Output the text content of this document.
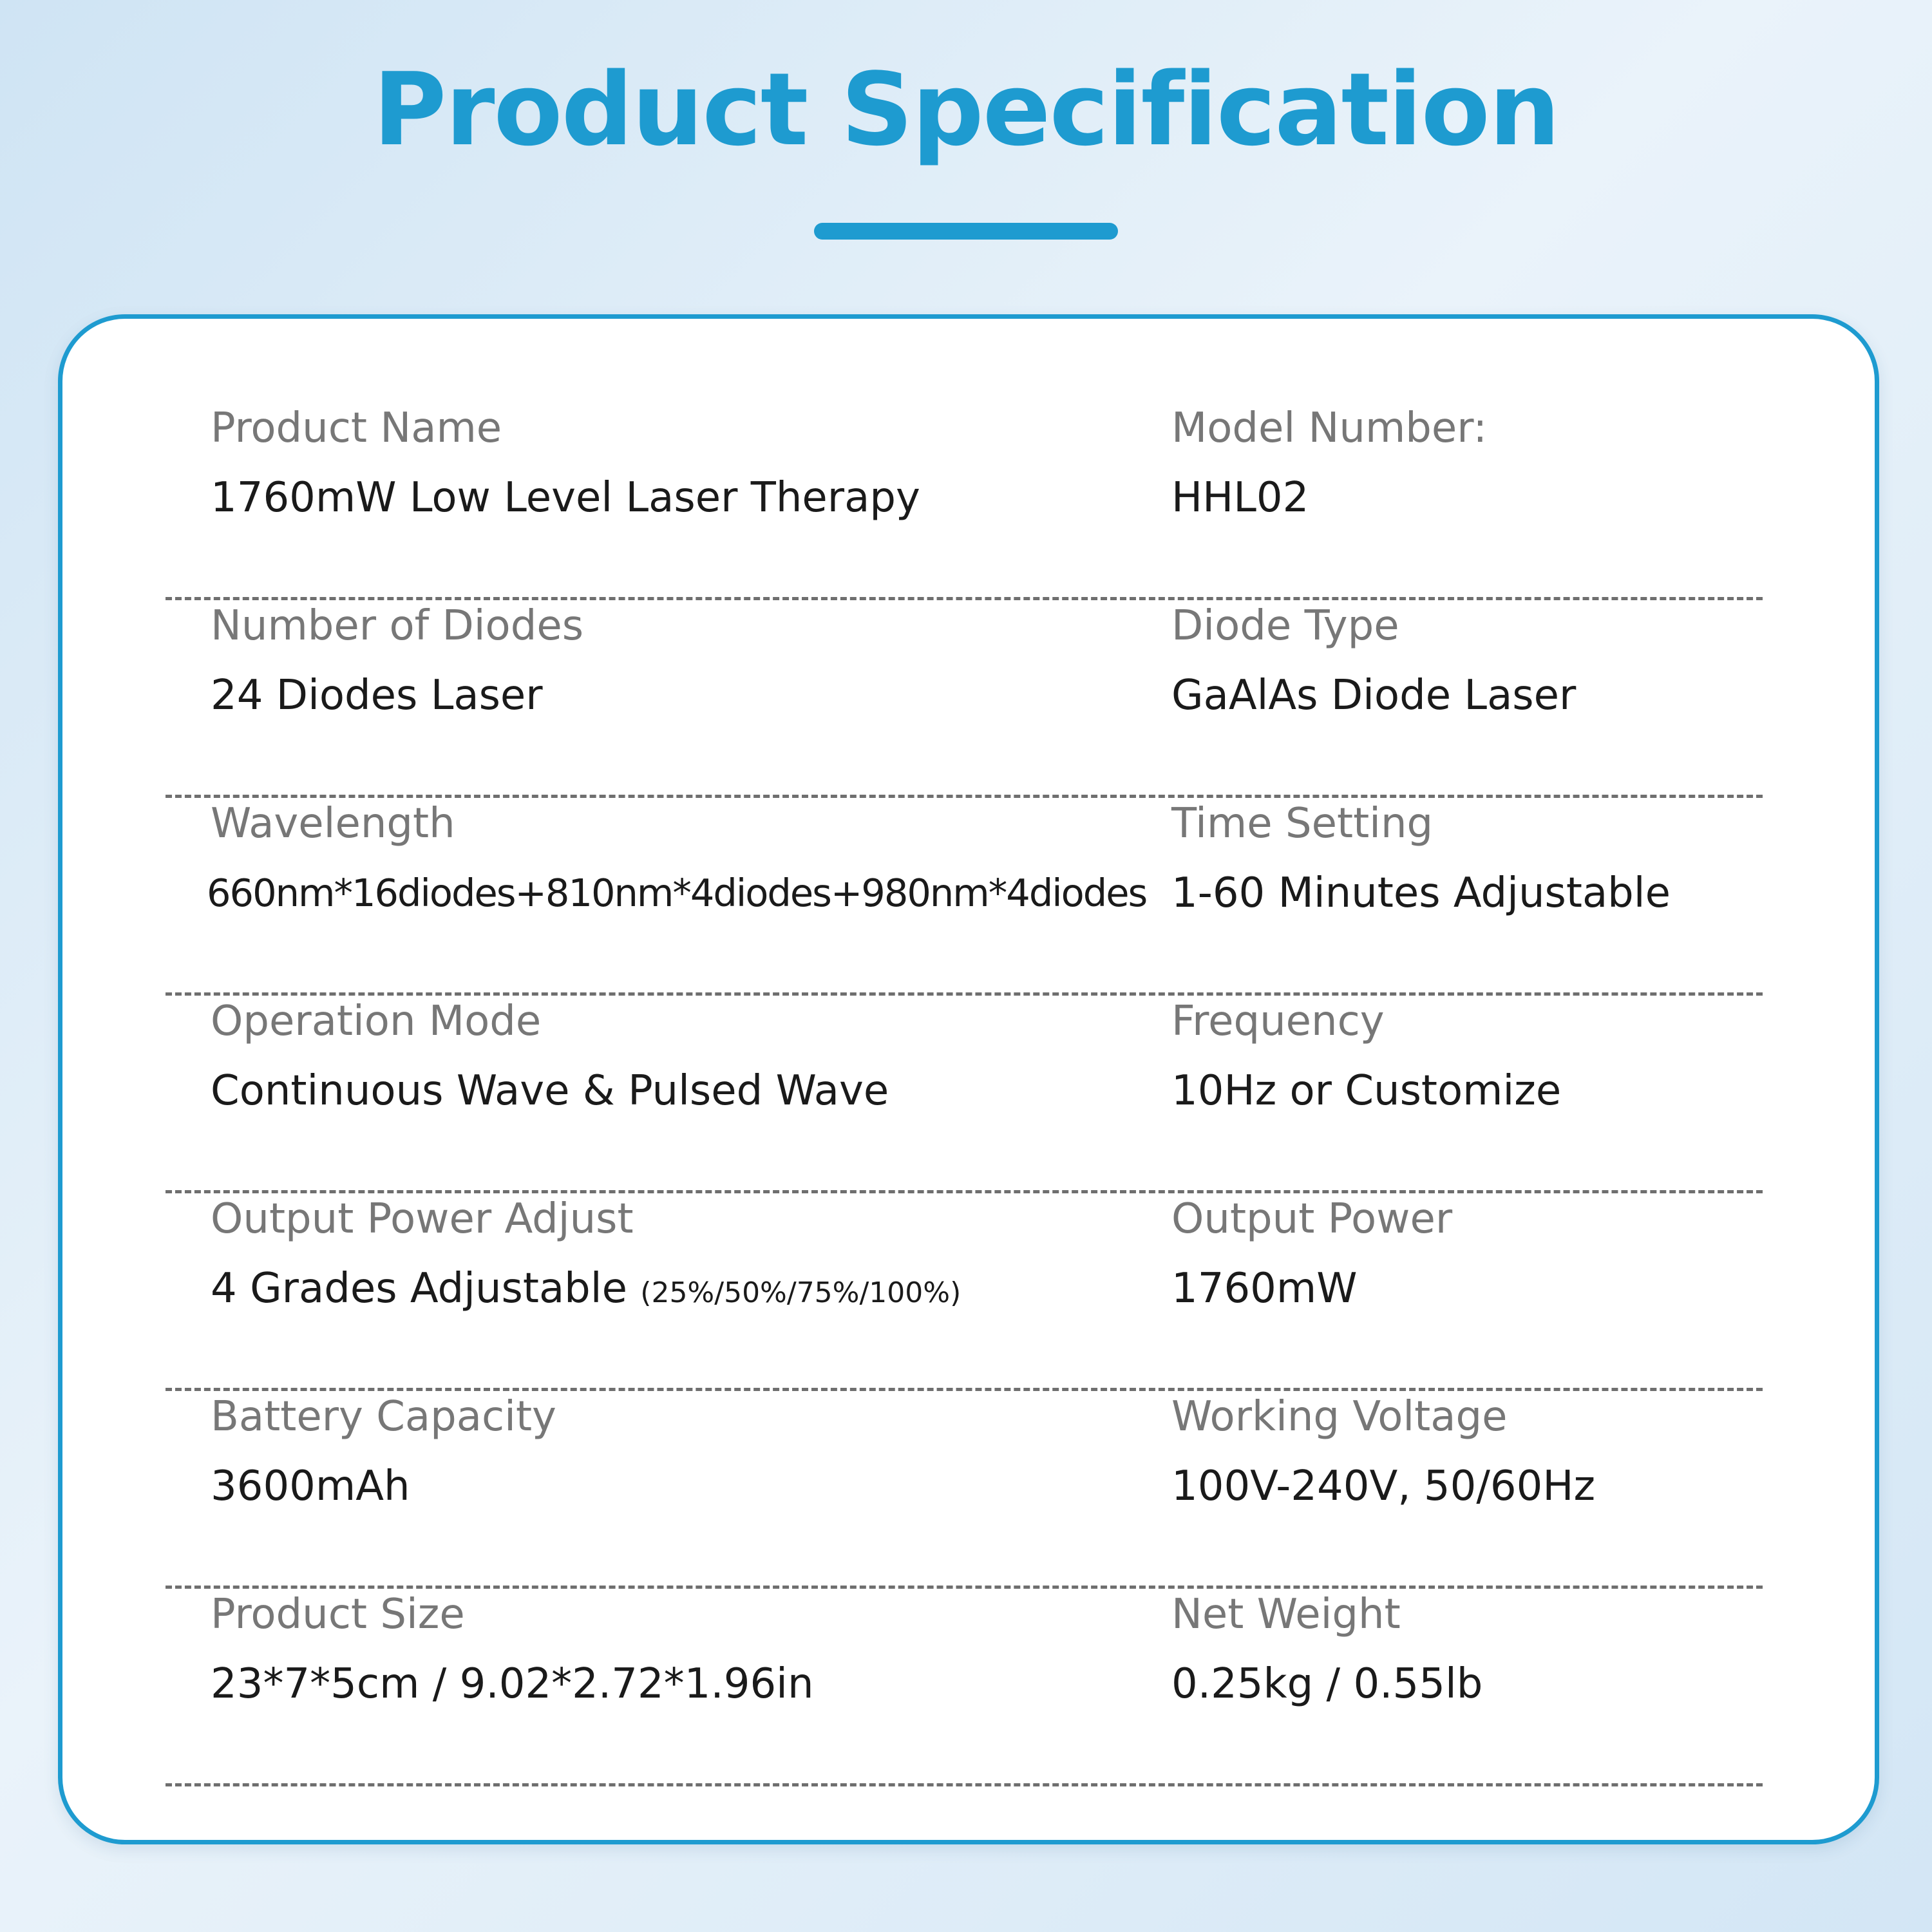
Product Specification
Product Name
1760mW Low Level Laser Therapy
Model Number:
HHL02
Number of Diodes
24 Diodes Laser
Diode Type
GaAlAs Diode Laser
Wavelength
660nm*16diodes+810nm*4diodes+980nm*4diodes
Time Setting
1-60 Minutes Adjustable
Operation Mode
Continuous Wave & Pulsed Wave
Frequency
10Hz or Customize
Output Power Adjust
4 Grades Adjustable (25%/50%/75%/100%)
Output Power
1760mW
Battery Capacity
3600mAh
Working Voltage
100V-240V, 50/60Hz
Product Size
23*7*5cm / 9.02*2.72*1.96in
Net Weight
0.25kg / 0.55lb
